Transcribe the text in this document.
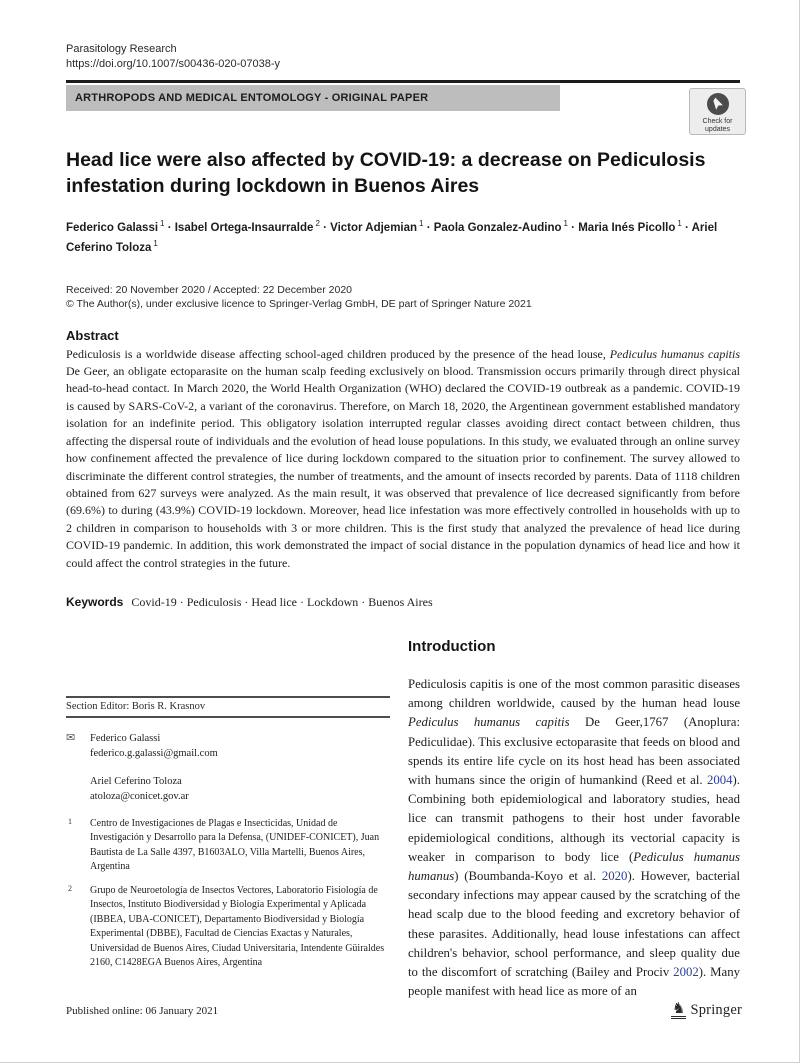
Parasitology Research
https://doi.org/10.1007/s00436-020-07038-y
ARTHROPODS AND MEDICAL ENTOMOLOGY - ORIGINAL PAPER
Check for updates
Head lice were also affected by COVID-19: a decrease on Pediculosis infestation during lockdown in Buenos Aires
Federico Galassi $^1$ · Isabel Ortega-Insaurralde $^2$ · Victor Adjemian $^1$ · Paola Gonzalez-Audino $^1$ · Maria Inés Picollo $^1$ · Ariel Ceferino Toloza $^1$
Received: 20 November 2020 / Accepted: 22 December 2020
© The Author(s), under exclusive licence to Springer-Verlag GmbH, DE part of Springer Nature 2021
Abstract

Pediculosis is a worldwide disease affecting school-aged children produced by the presence of the head louse, Pediculus humanus capitis De Geer, an obligate ectoparasite on the human scalp feeding exclusively on blood. Transmission occurs primarily through direct physical head-to-head contact. In March 2020, the World Health Organization (WHO) declared the COVID-19 outbreak as a pandemic. COVID-19 is caused by SARS-CoV-2, a variant of the coronavirus. Therefore, on March 18, 2020, the Argentinean government established mandatory isolation for an indefinite period. This obligatory isolation interrupted regular classes avoiding direct contact between children, thus affecting the dispersal route of individuals and the evolution of head louse populations. In this study, we evaluated through an online survey how confinement affected the prevalence of lice during lockdown compared to the situation prior to confinement. The survey allowed to discriminate the different control strategies, the number of treatments, and the amount of insects recorded by parents. Data of 1118 children obtained from 627 surveys were analyzed. As the main result, it was observed that prevalence of lice decreased significantly from before (69.6%) to during (43.9%) COVID-19 lockdown. Moreover, head lice infestation was more effectively controlled in households with up to 2 children in comparison to households with 3 or more children. This is the first study that analyzed the prevalence of head lice during COVID-19 pandemic. In addition, this work demonstrated the impact of social distance in the population dynamics of head lice and how it could affect the control strategies in the future.

Keywords Covid-19 · Pediculosis · Head lice · Lockdown · Buenos Aires
Section Editor: Boris R. Krasnov
✉	Federico Galassi
federico.g.galassi@gmail.com
Ariel Ceferino Toloza
atoloza@conicet.gov.ar
1	Centro de Investigaciones de Plagas e Insecticidas, Unidad de Investigación y Desarrollo para la Defensa, (UNIDEF-CONICET), Juan Bautista de La Salle 4397, B1603ALO, Villa Martelli, Buenos Aires, Argentina
2	Grupo de Neuroetología de Insectos Vectores, Laboratorio Fisiología de Insectos, Instituto Biodiversidad y Biología Experimental y Aplicada (IBBEA, UBA-CONICET), Departamento Biodiversidad y Biología Experimental (DBBE), Facultad de Ciencias Exactas y Naturales, Universidad de Buenos Aires, Ciudad Universitaria, Intendente Güiraldes 2160, C1428EGA Buenos Aires, Argentina
Introduction

Pediculosis capitis is one of the most common parasitic diseases among children worldwide, caused by the human head louse Pediculus humanus capitis De Geer,1767 (Anoplura: Pediculidae). This exclusive ectoparasite that feeds on blood and spends its entire life cycle on its host head has been associated with humans since the origin of humankind (Reed et al. 2004). Combining both epidemiological and laboratory studies, head lice can transmit pathogens to their host under favorable epidemiological conditions, although its vectorial capacity is weaker in comparison to body lice (Pediculus humanus humanus) (Boumbanda-Koyo et al. 2020). However, bacterial secondary infections may appear caused by the scratching of the head scalp due to the blood feeding and excretory behavior of these parasites. Additionally, head louse infestations can affect children's behavior, school performance, and sleep quality due to the discomfort of scratching (Bailey and Prociv 2002). Many people manifest with head lice as more of an

Published online: 06 January 2021	♞ Springer
